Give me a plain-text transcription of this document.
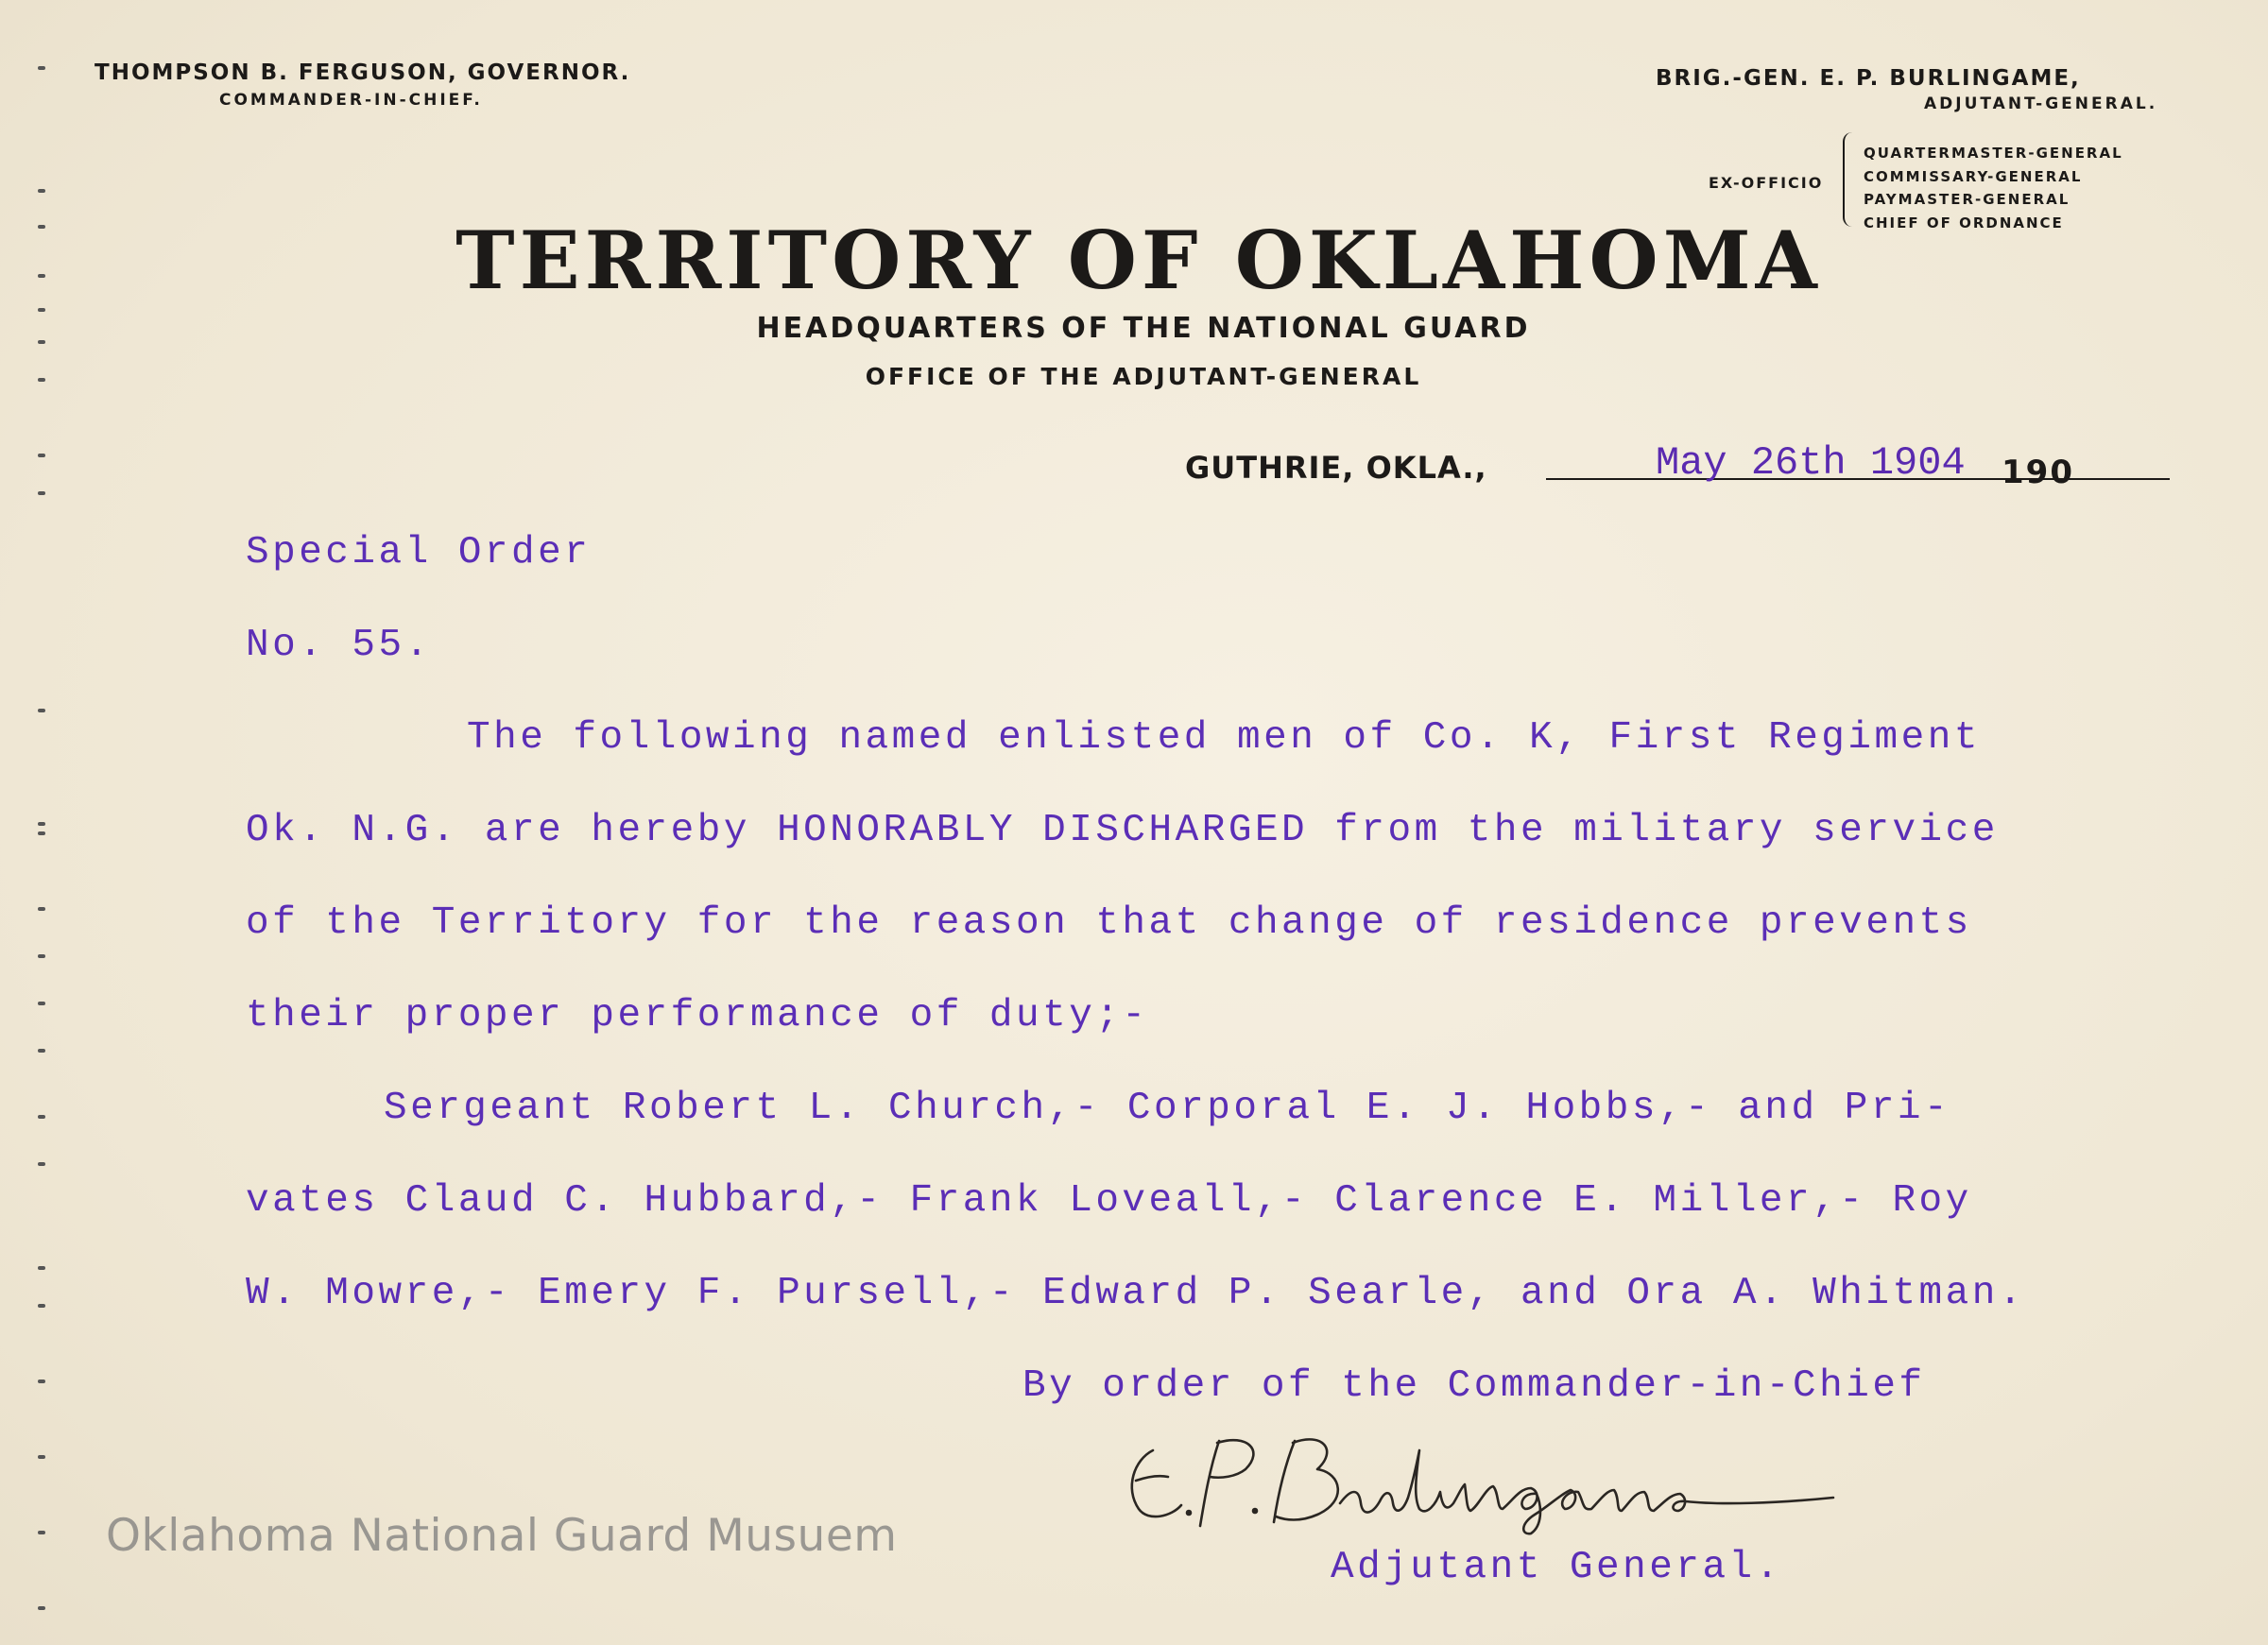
THOMPSON B. FERGUSON, GOVERNOR.
COMMANDER-IN-CHIEF.
BRIG.-GEN. E. P. BURLINGAME,
ADJUTANT-GENERAL.
EX-OFFICIO
QUARTERMASTER-GENERAL
COMMISSARY-GENERAL
PAYMASTER-GENERAL
CHIEF OF ORDNANCE
TERRITORY OF OKLAHOMA
HEADQUARTERS OF THE NATIONAL GUARD
OFFICE OF THE ADJUTANT-GENERAL
GUTHRIE, OKLA.,	May 26th 1904 190
Special Order
No. 55.
The following named enlisted men of Co. K, First Regiment
Ok. N.G. are hereby HONORABLY DISCHARGED from the military service
of the Territory for the reason that change of residence prevents
their proper performance of duty;-
Sergeant Robert L. Church,- Corporal E. J. Hobbs,- and Pri-
vates Claud C. Hubbard,- Frank Loveall,- Clarence E. Miller,- Roy
W. Mowre,- Emery F. Pursell,- Edward P. Searle, and Ora A. Whitman.
By order of the Commander-in-Chief
Adjutant General.
Oklahoma National Guard Musuem
